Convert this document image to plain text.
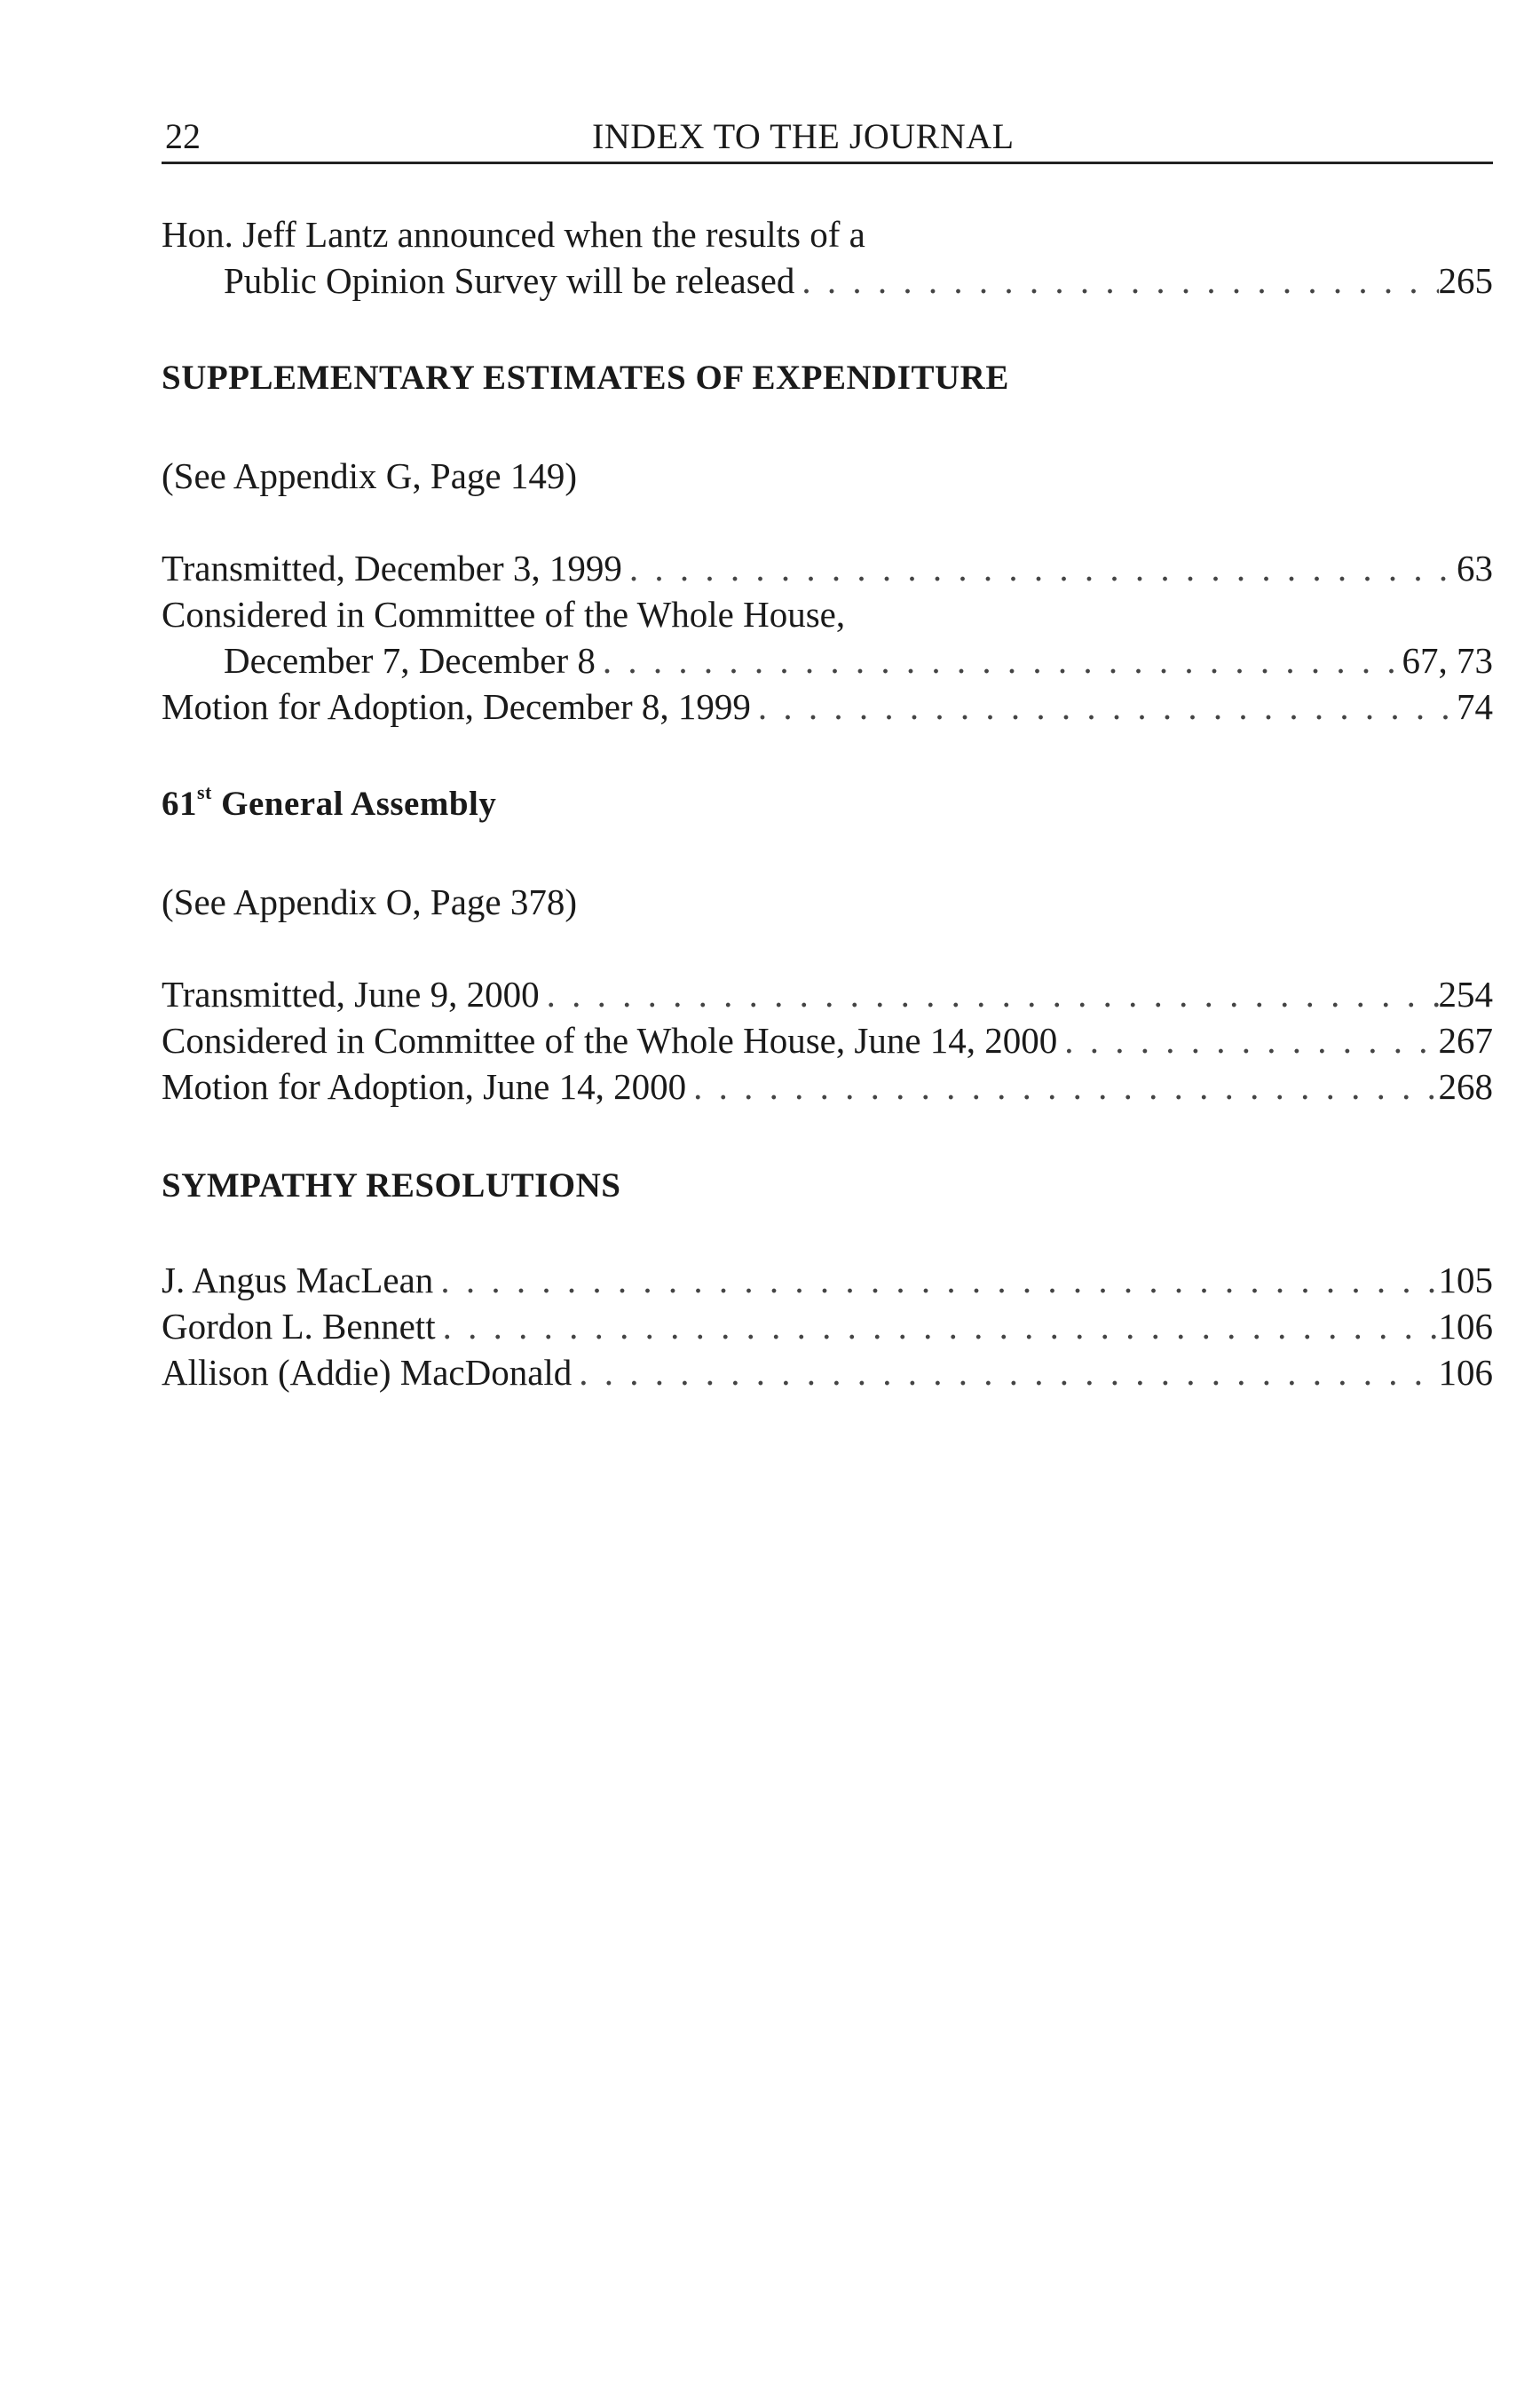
22	INDEX TO THE JOURNAL
Hon. Jeff Lantz announced when the results of a
Public Opinion Survey will be released . . .	265
SUPPLEMENTARY ESTIMATES OF EXPENDITURE
(See Appendix G, Page 149)
Transmitted, December 3, 1999 . . .	63
Considered in Committee of the Whole House,
December 7, December 8 . . .	67, 73
Motion for Adoption, December 8, 1999 . . .	74
61st General Assembly
(See Appendix O, Page 378)
Transmitted, June 9, 2000 . . .	254
Considered in Committee of the Whole House, June 14, 2000 . . .	267
Motion for Adoption, June 14, 2000 . . .	268
SYMPATHY RESOLUTIONS
J. Angus MacLean . . .	105
Gordon L. Bennett . . .	106
Allison (Addie) MacDonald . . .	106
